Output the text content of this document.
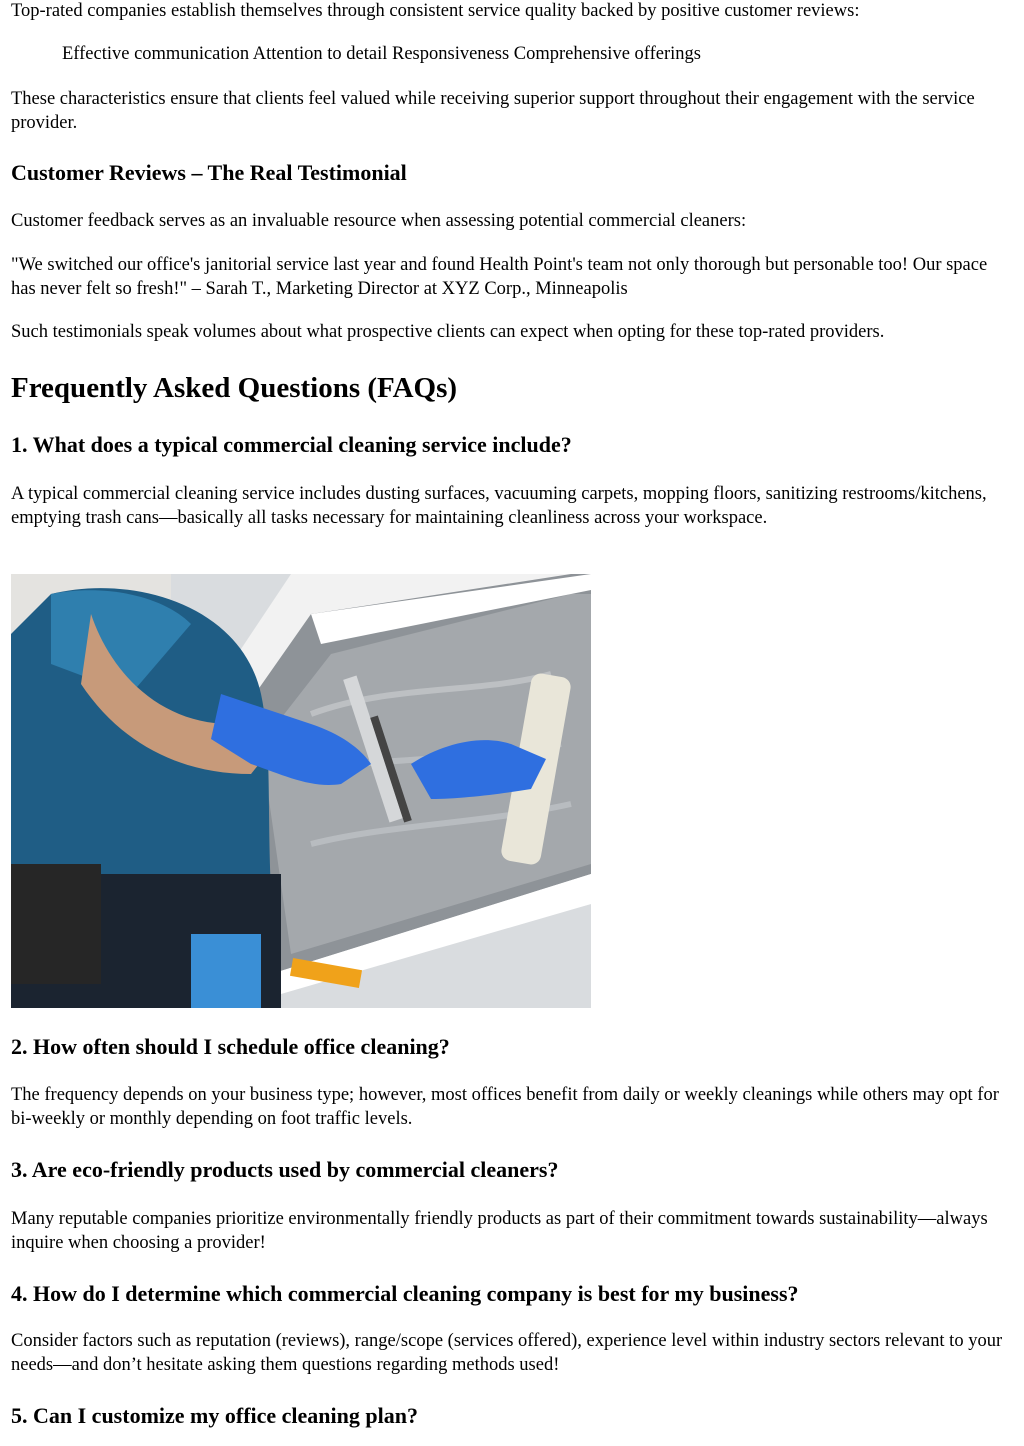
Top-rated companies establish themselves through consistent service quality backed by positive customer reviews:

Effective communication Attention to detail Responsiveness Comprehensive offerings

These characteristics ensure that clients feel valued while receiving superior support throughout their engagement with the service provider.

Customer Reviews – The Real Testimonial

Customer feedback serves as an invaluable resource when assessing potential commercial cleaners:

"We switched our office's janitorial service last year and found Health Point's team not only thorough but personable too! Our space has never felt so fresh!" – Sarah T., Marketing Director at XYZ Corp., Minneapolis

Such testimonials speak volumes about what prospective clients can expect when opting for these top-rated providers.

Frequently Asked Questions (FAQs)
1. What does a typical commercial cleaning service include?

A typical commercial cleaning service includes dusting surfaces, vacuuming carpets, mopping floors, sanitizing restrooms/kitchens, emptying trash cans—basically all tasks necessary for maintaining cleanliness across your workspace.

2. How often should I schedule office cleaning?

The frequency depends on your business type; however, most offices benefit from daily or weekly cleanings while others may opt for bi-weekly or monthly depending on foot traffic levels.

3. Are eco-friendly products used by commercial cleaners?

Many reputable companies prioritize environmentally friendly products as part of their commitment towards sustainability—always inquire when choosing a provider!

4. How do I determine which commercial cleaning company is best for my business?

Consider factors such as reputation (reviews), range/scope (services offered), experience level within industry sectors relevant to your needs—and don’t hesitate asking them questions regarding methods used!

5. Can I customize my office cleaning plan?
